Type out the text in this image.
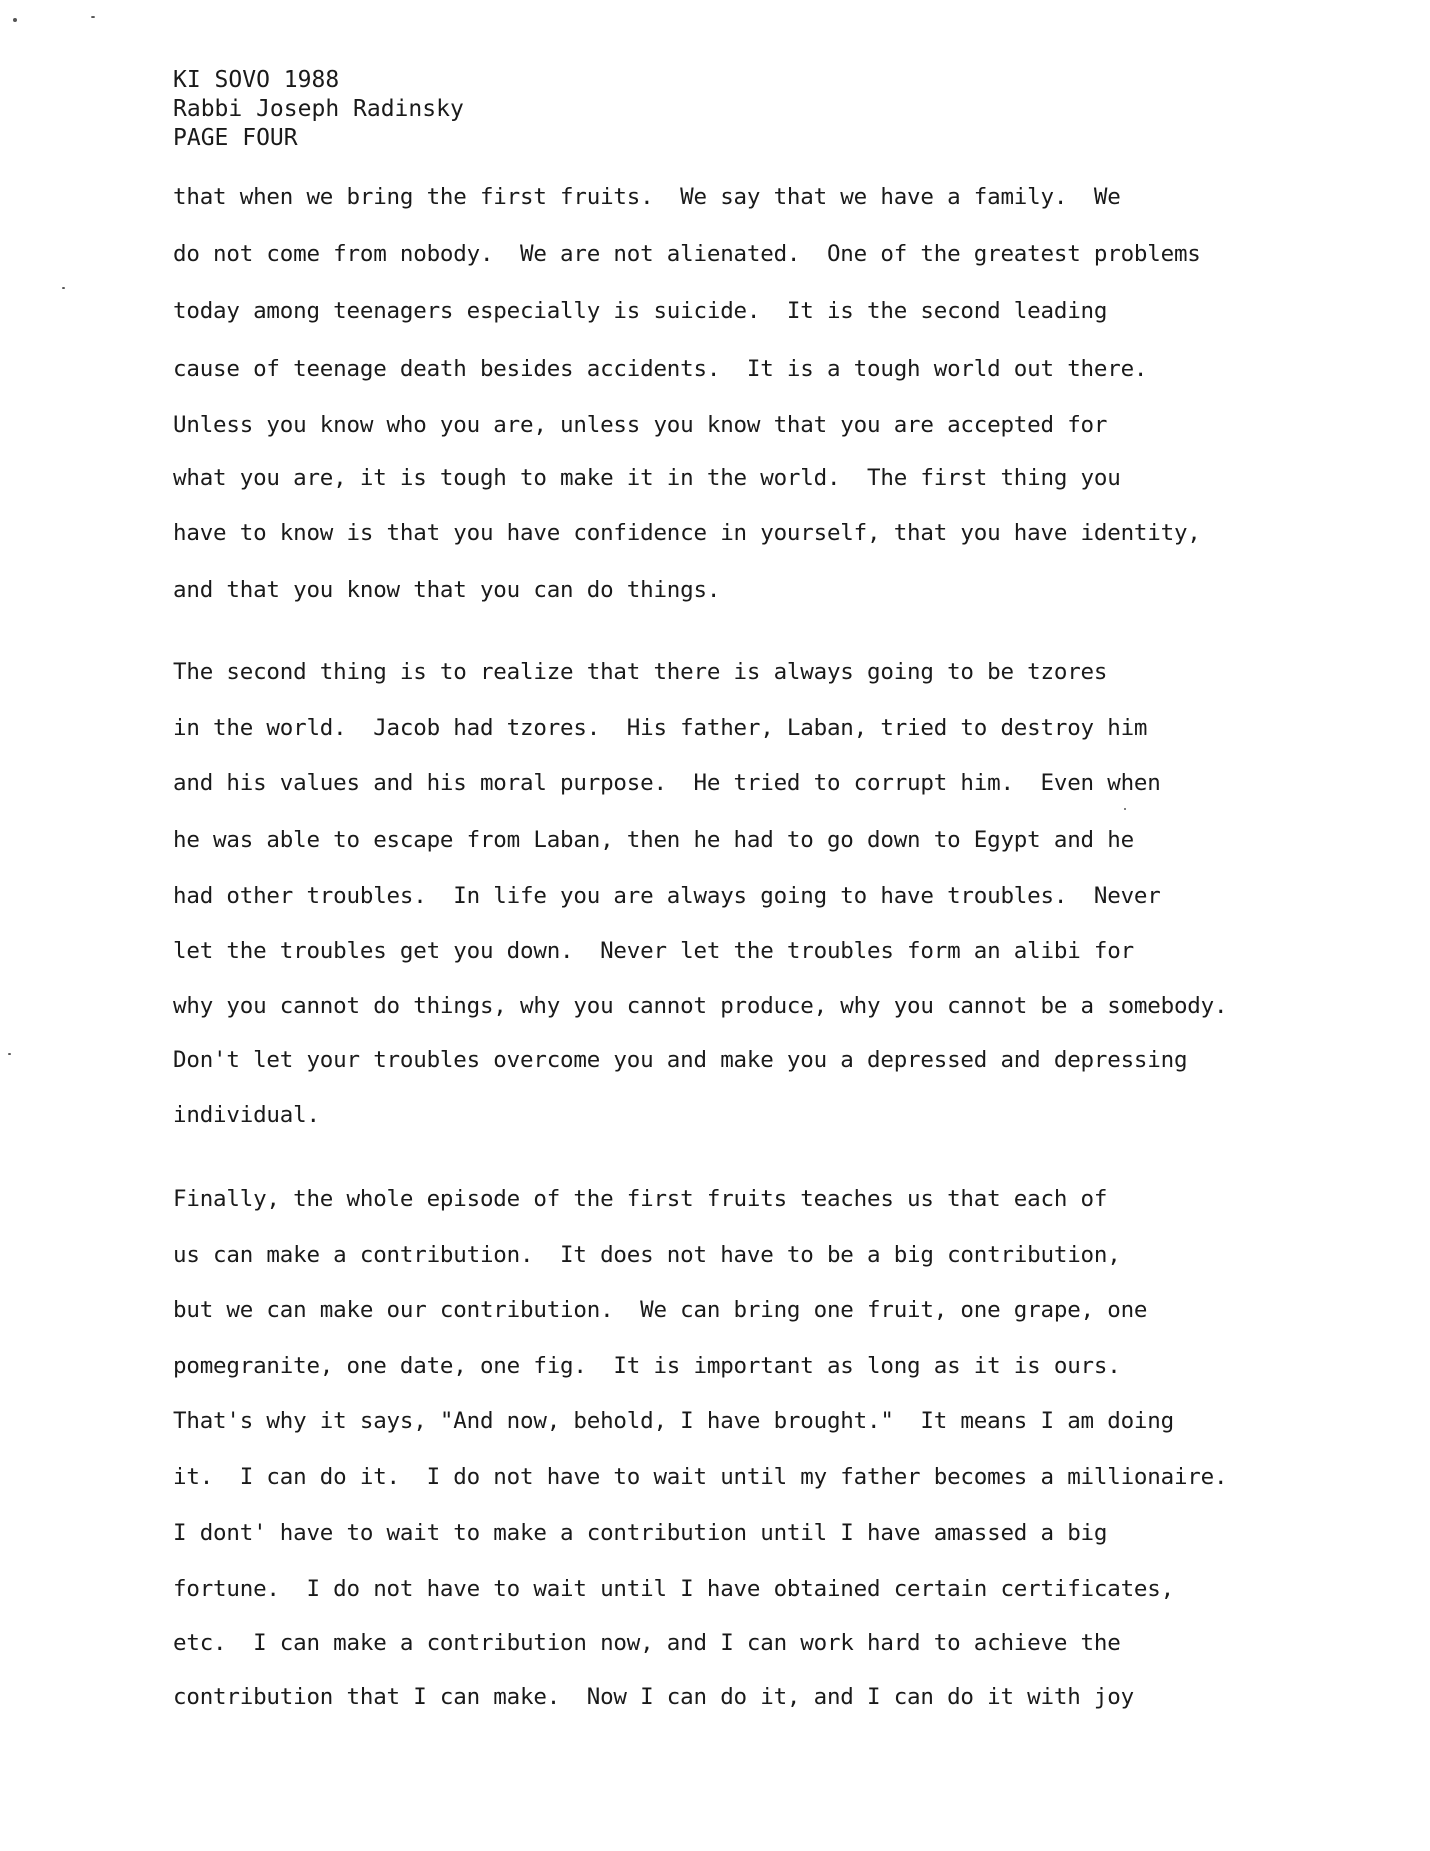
KI SOVO 1988
Rabbi Joseph Radinsky
PAGE FOUR
that when we bring the first fruits.  We say that we have a family.  We
do not come from nobody.  We are not alienated.  One of the greatest problems
today among teenagers especially is suicide.  It is the second leading
cause of teenage death besides accidents.  It is a tough world out there.
Unless you know who you are, unless you know that you are accepted for
what you are, it is tough to make it in the world.  The first thing you
have to know is that you have confidence in yourself, that you have identity,
and that you know that you can do things.
The second thing is to realize that there is always going to be tzores
in the world.  Jacob had tzores.  His father, Laban, tried to destroy him
and his values and his moral purpose.  He tried to corrupt him.  Even when
he was able to escape from Laban, then he had to go down to Egypt and he
had other troubles.  In life you are always going to have troubles.  Never
let the troubles get you down.  Never let the troubles form an alibi for
why you cannot do things, why you cannot produce, why you cannot be a somebody.
Don't let your troubles overcome you and make you a depressed and depressing
individual.
Finally, the whole episode of the first fruits teaches us that each of
us can make a contribution.  It does not have to be a big contribution,
but we can make our contribution.  We can bring one fruit, one grape, one
pomegranite, one date, one fig.  It is important as long as it is ours.
That's why it says, "And now, behold, I have brought."  It means I am doing
it.  I can do it.  I do not have to wait until my father becomes a millionaire.
I dont' have to wait to make a contribution until I have amassed a big
fortune.  I do not have to wait until I have obtained certain certificates,
etc.  I can make a contribution now, and I can work hard to achieve the
contribution that I can make.  Now I can do it, and I can do it with joy
